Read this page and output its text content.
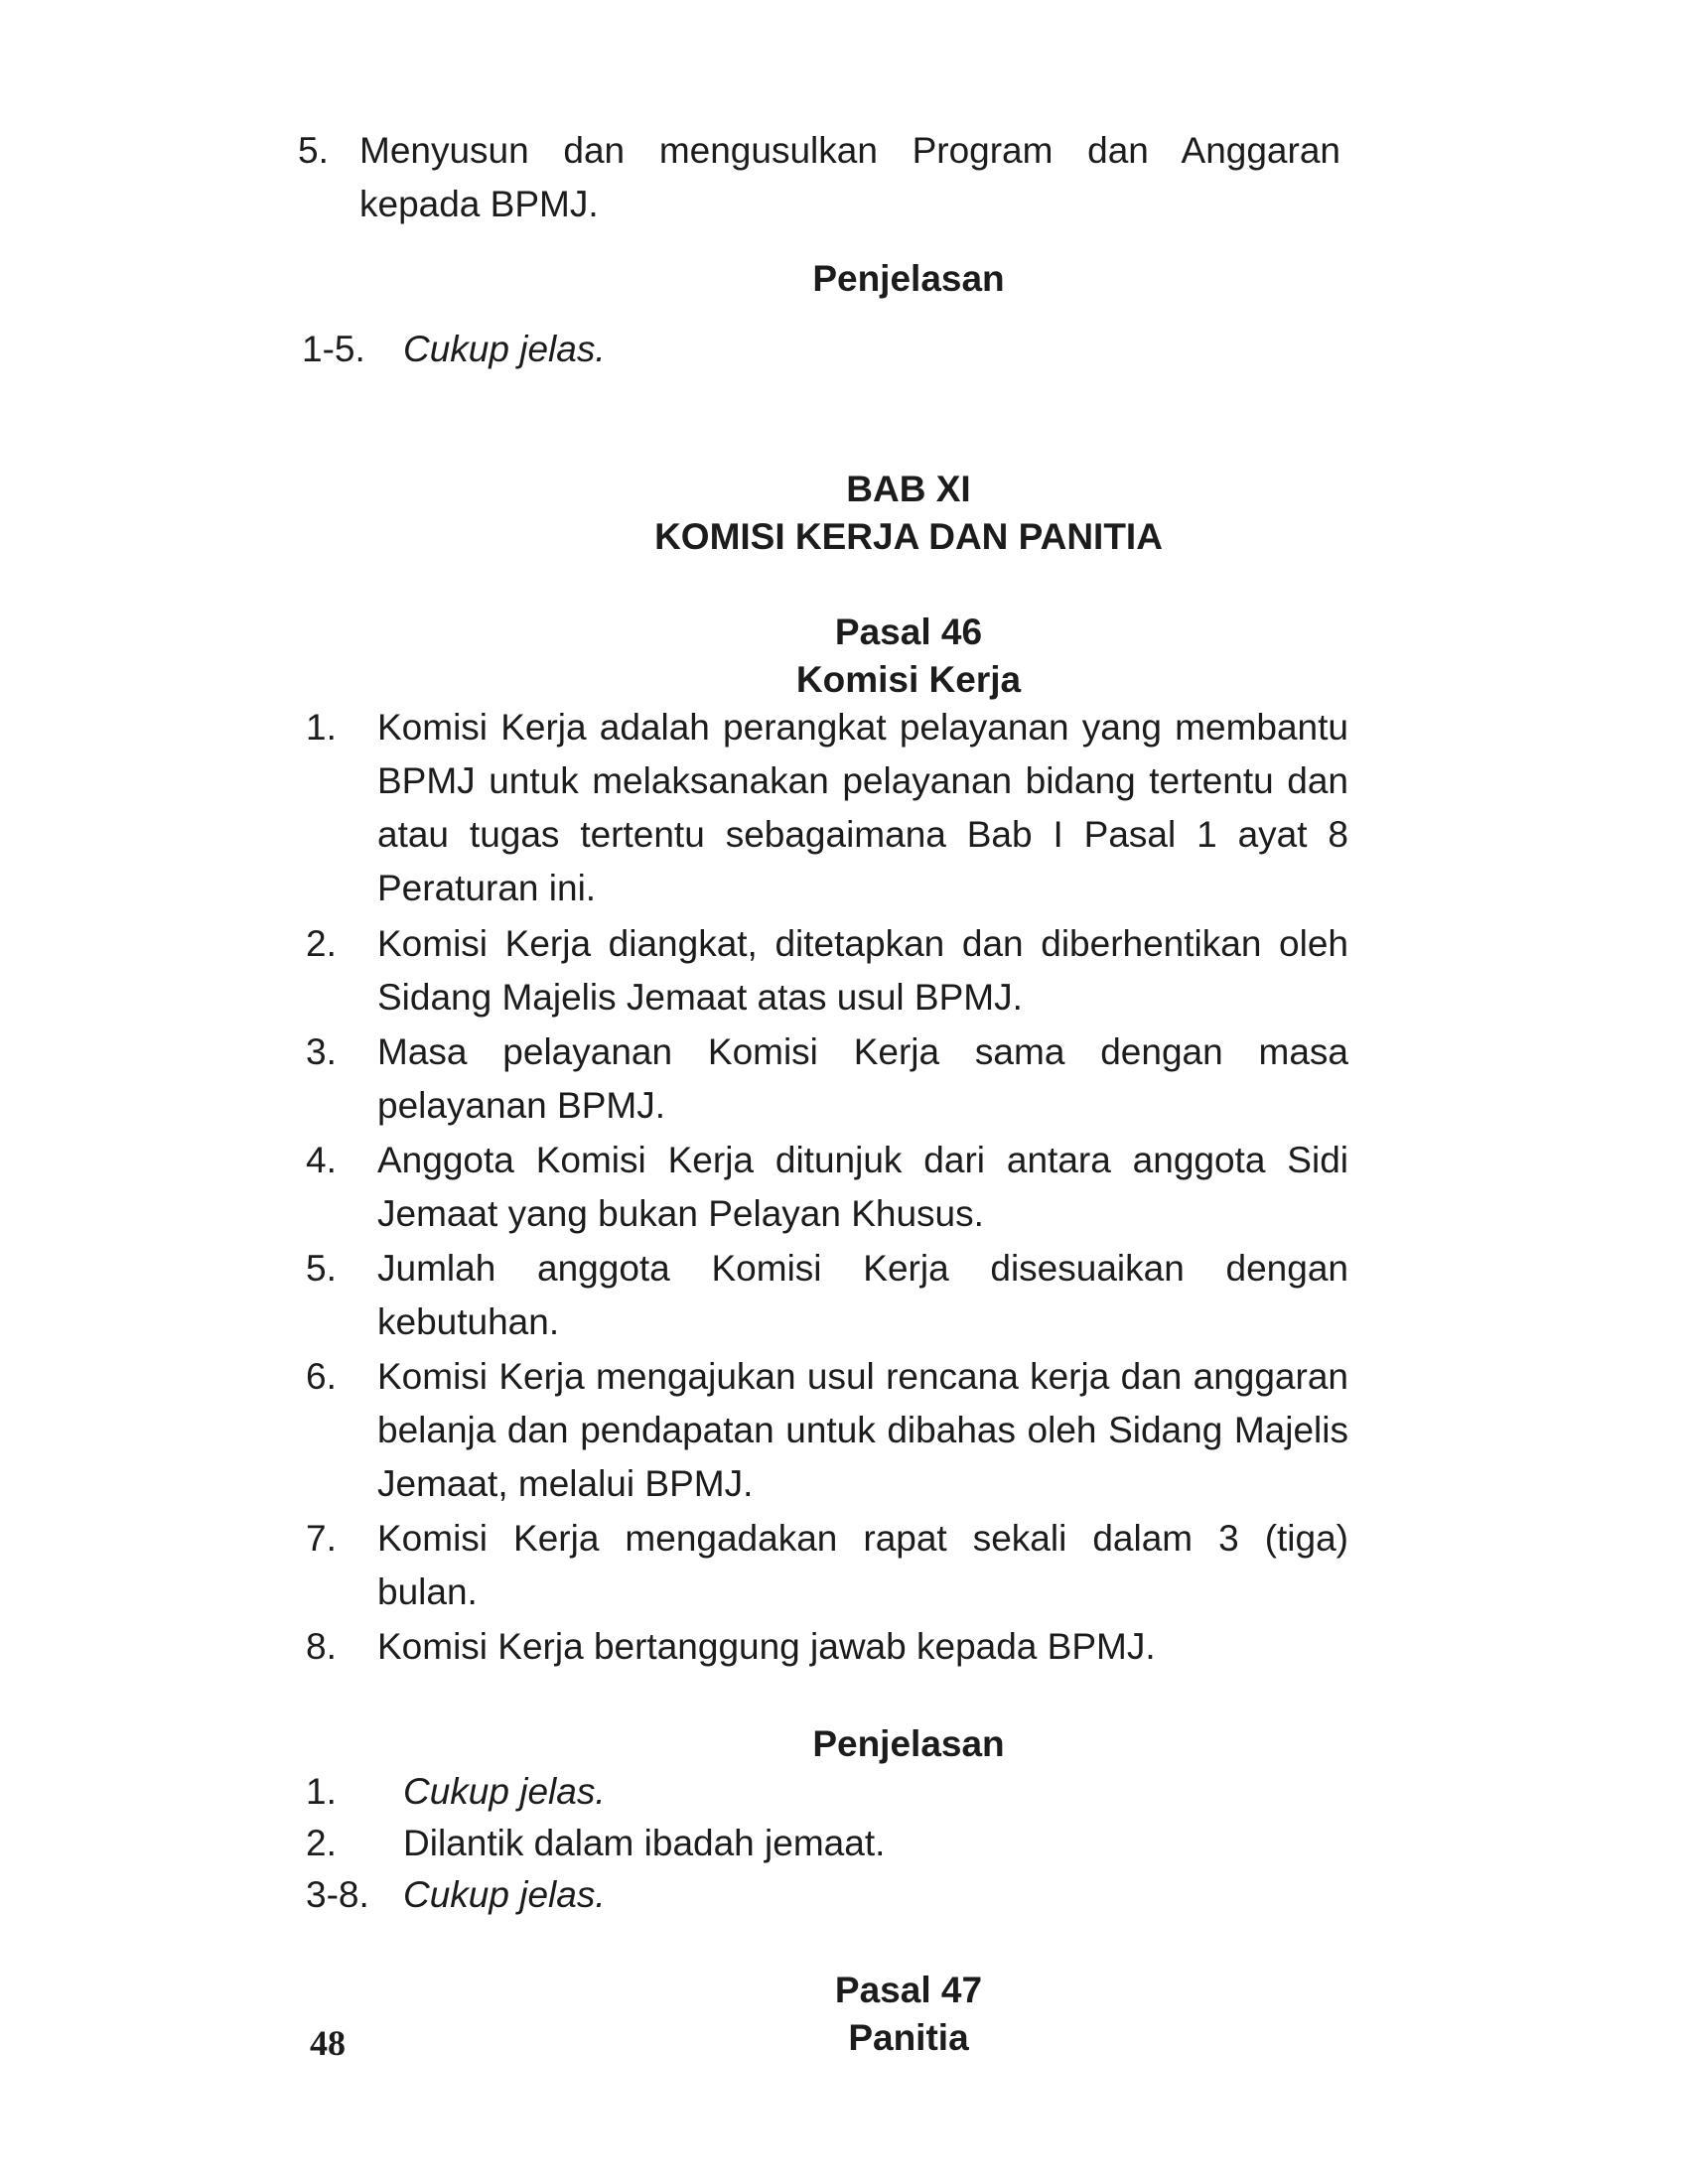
5. Menyusun dan mengusulkan Program dan Anggaran kepada BPMJ.
Penjelasan
1-5. Cukup jelas.
BAB XI
KOMISI KERJA DAN PANITIA
Pasal 46
Komisi Kerja
1.	Komisi Kerja adalah perangkat pelayanan yang membantu BPMJ untuk melaksanakan pelayanan bidang tertentu dan atau tugas tertentu sebagaimana Bab I Pasal 1 ayat 8 Peraturan ini.
2.	Komisi Kerja diangkat, ditetapkan dan diberhentikan oleh Sidang Majelis Jemaat atas usul BPMJ.
3.	Masa pelayanan Komisi Kerja sama dengan masa pelayanan BPMJ.
4.	Anggota Komisi Kerja ditunjuk dari antara anggota Sidi Jemaat yang bukan Pelayan Khusus.
5.	Jumlah anggota Komisi Kerja disesuaikan dengan kebutuhan.
6.	Komisi Kerja mengajukan usul rencana kerja dan anggaran belanja dan pendapatan untuk dibahas oleh Sidang Majelis Jemaat, melalui BPMJ.
7.	Komisi Kerja mengadakan rapat sekali dalam 3 (tiga) bulan.
8.	Komisi Kerja bertanggung jawab kepada BPMJ.
Penjelasan
1. Cukup jelas.
2. Dilantik dalam ibadah jemaat.
3-8. Cukup jelas.
Pasal 47
Panitia
48
